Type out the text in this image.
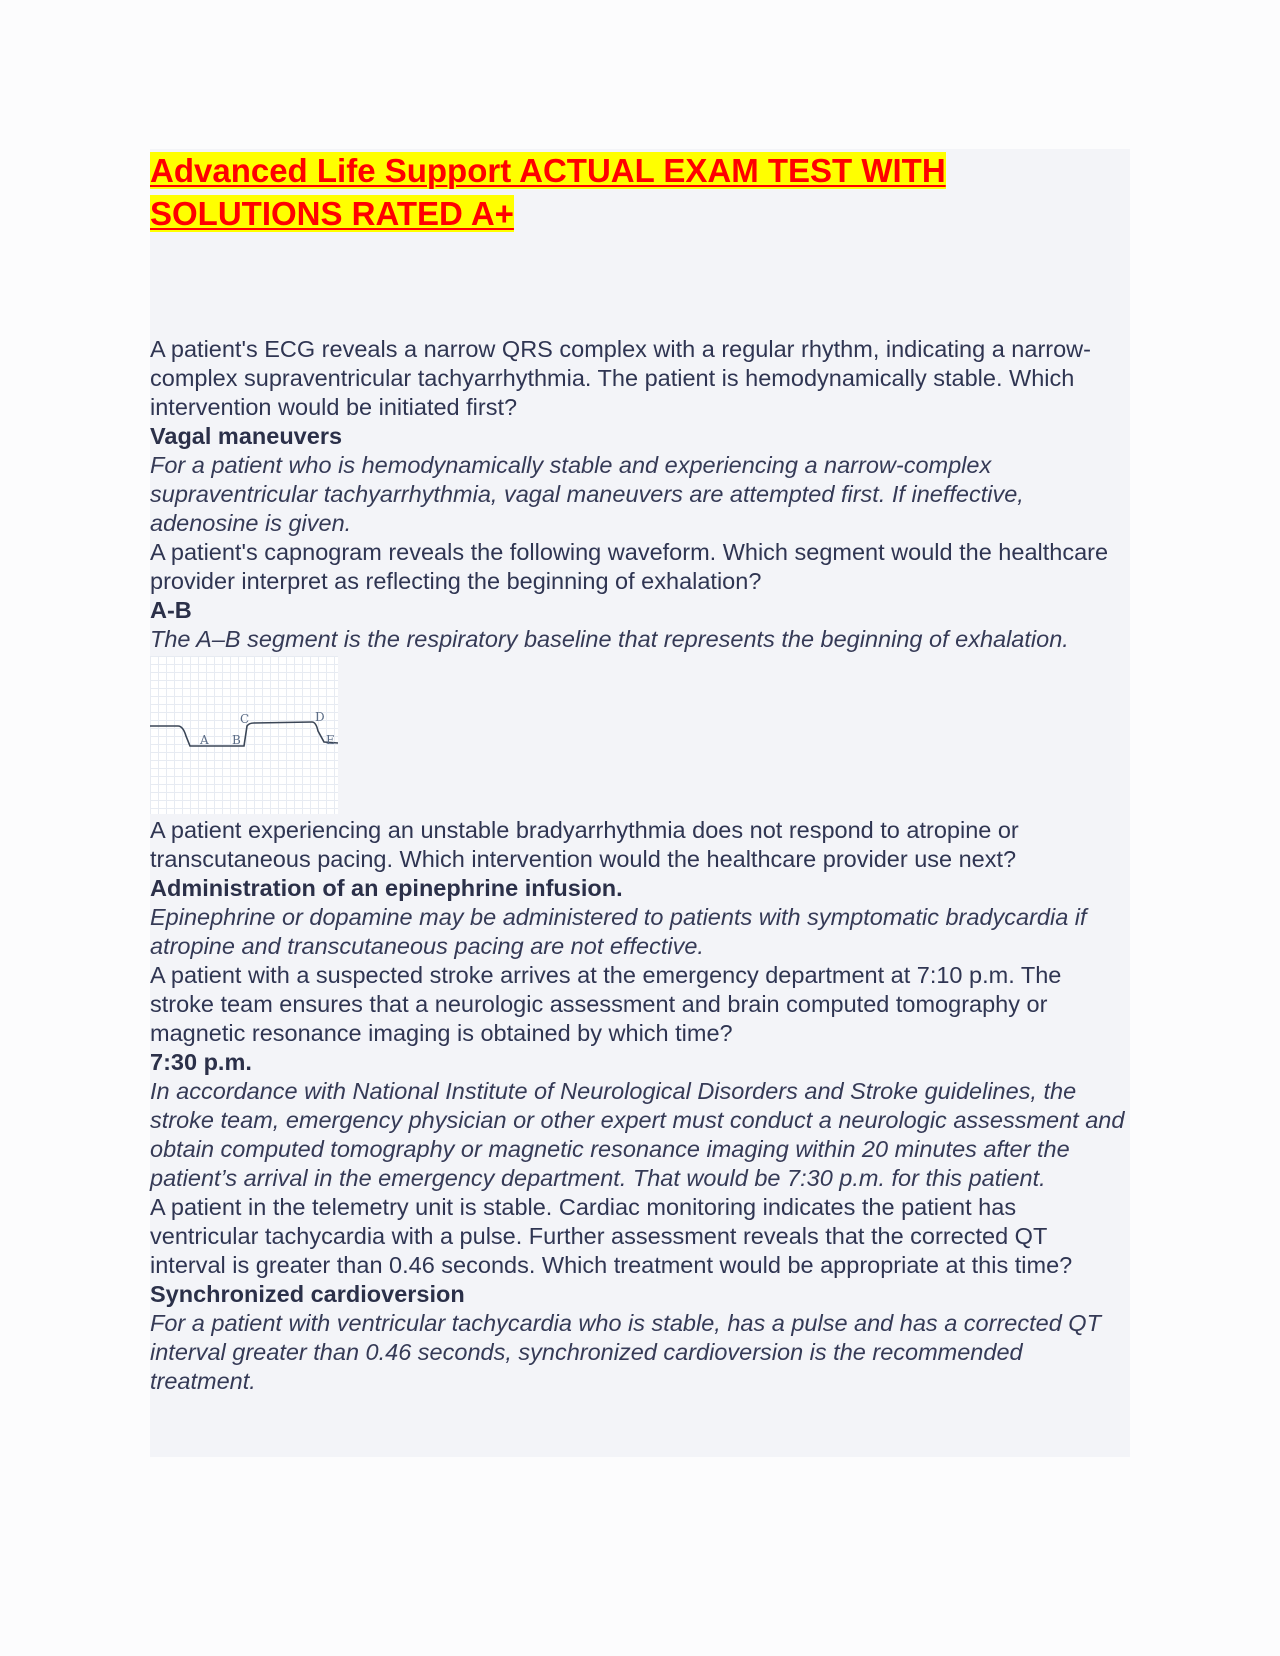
Advanced Life Support ACTUAL EXAM TEST WITH
SOLUTIONS RATED A+

A patient's ECG reveals a narrow QRS complex with a regular rhythm, indicating a narrow-complex supraventricular tachyarrhythmia. The patient is hemodynamically stable. Which intervention would be initiated first?

Vagal maneuvers

For a patient who is hemodynamically stable and experiencing a narrow-complex supraventricular tachyarrhythmia, vagal maneuvers are attempted first. If ineffective, adenosine is given.

A patient's capnogram reveals the following waveform. Which segment would the healthcare provider interpret as reflecting the beginning of exhalation?

A-B

The A–B segment is the respiratory baseline that represents the beginning of exhalation.

A B
C	D
E

A patient experiencing an unstable bradyarrhythmia does not respond to atropine or transcutaneous pacing. Which intervention would the healthcare provider use next?

Administration of an epinephrine infusion.

Epinephrine or dopamine may be administered to patients with symptomatic bradycardia if atropine and transcutaneous pacing are not effective.

A patient with a suspected stroke arrives at the emergency department at 7:10 p.m. The stroke team ensures that a neurologic assessment and brain computed tomography or magnetic resonance imaging is obtained by which time?

7:30 p.m.

In accordance with National Institute of Neurological Disorders and Stroke guidelines, the stroke team, emergency physician or other expert must conduct a neurologic assessment and obtain computed tomography or magnetic resonance imaging within 20 minutes after the patient’s arrival in the emergency department. That would be 7:30 p.m. for this patient.

A patient in the telemetry unit is stable. Cardiac monitoring indicates the patient has ventricular tachycardia with a pulse. Further assessment reveals that the corrected QT interval is greater than 0.46 seconds. Which treatment would be appropriate at this time?

Synchronized cardioversion

For a patient with ventricular tachycardia who is stable, has a pulse and has a corrected QT interval greater than 0.46 seconds, synchronized cardioversion is the recommended treatment.
